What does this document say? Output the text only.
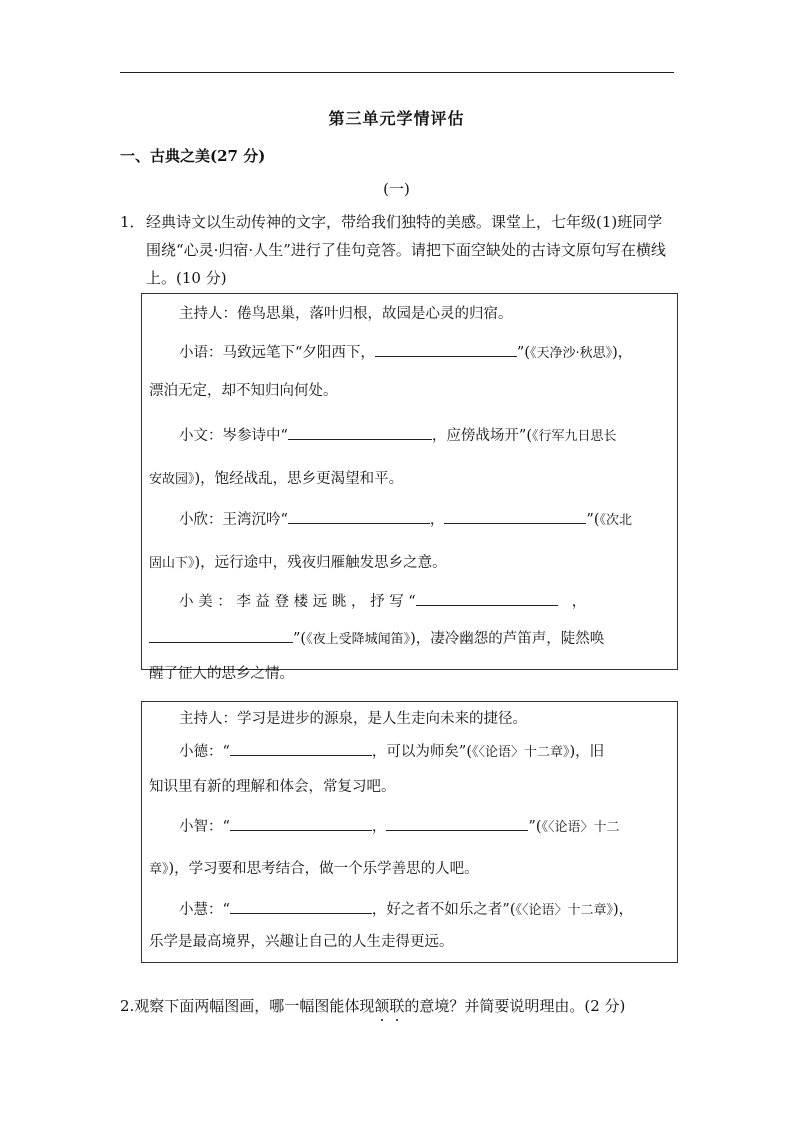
第三单元学情评估
一、古典之美(27 分)
(一)
1． 经典诗文以生动传神的文字，带给我们独特的美感。课堂上，七年级(1)班同学围绕“心灵·归宿·人生”进行了佳句竞答。请把下面空缺处的古诗文原句写在横线上。(10 分)

主持人：倦鸟思巢，落叶归根，故园是心灵的归宿。

小语：马致远笔下“夕阳西下，	”(《天净沙·秋思》)，

漂泊无定，却不知归向何处。

小文：岑参诗中“	，应傍战场开”(《行军九日思长

安故园》)，饱经战乱，思乡更渴望和平。

小欣：王湾沉吟“	，	”(《次北

固山下》)，远行途中，残夜归雁触发思乡之意。

小 美 ： 李 益 登 楼 远 眺 ， 抒 写 “	，

”(《夜上受降城闻笛》)，凄冷幽怨的芦笛声，陡然唤

醒了征人的思乡之情。

主持人：学习是进步的源泉，是人生走向未来的捷径。

小德：“	，可以为师矣”(《〈论语〉十二章》)，旧

知识里有新的理解和体会，常复习吧。

小智：“	，	”(《〈论语〉十二

章》)，学习要和思考结合，做一个乐学善思的人吧。

小慧：“	，好之者不如乐之者”(《〈论语〉十二章》)，

乐学是最高境界，兴趣让自己的人生走得更远。

2.观察下面两幅图画，哪一幅图能体现颔联的意境？并简要说明理由。(2 分)
